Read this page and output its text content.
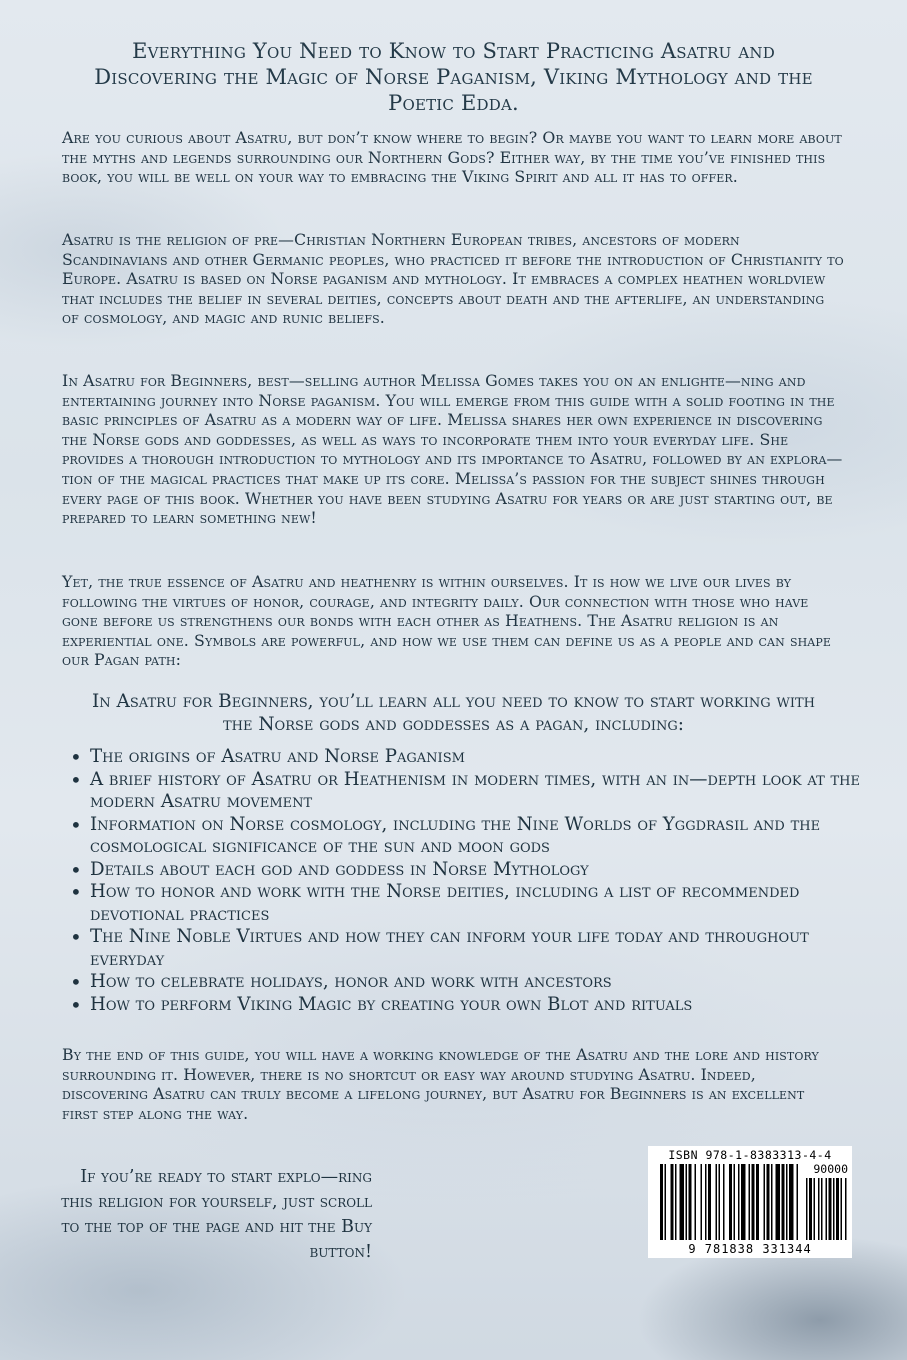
Everything You Need to Know to Start Practicing Asatru and Discovering the Magic of Norse Paganism, Viking Mythology and the Poetic Edda.

Are you curious about Asatru, but don’t know where to begin? Or maybe you want to learn more about the myths and legends surrounding our Northern Gods? Either way, by the time you’ve finished this book, you will be well on your way to embracing the Viking Spirit and all it has to offer.

Asatru is the religion of pre—Christian Northern European tribes, ancestors of modern Scandinavians and other Germanic peoples, who practiced it before the introduction of Christianity to Europe. Asatru is based on Norse paganism and mythology. It embraces a complex heathen worldview that includes the belief in several deities, concepts about death and the afterlife, an understanding of cosmology, and magic and runic beliefs.

In Asatru for Beginners, best—selling author Melissa Gomes takes you on an enlighte—ning and entertaining journey into Norse paganism. You will emerge from this guide with a solid footing in the basic principles of Asatru as a modern way of life. Melissa shares her own experience in discovering the Norse gods and goddesses, as well as ways to incorporate them into your everyday life. She provides a thorough introduction to mythology and its importance to Asatru, followed by an explora—tion of the magical practices that make up its core. Melissa’s passion for the subject shines through every page of this book. Whether you have been studying Asatru for years or are just starting out, be prepared to learn something new!

Yet, the true essence of Asatru and heathenry is within ourselves. It is how we live our lives by following the virtues of honor, courage, and integrity daily. Our connection with those who have gone before us strengthens our bonds with each other as Heathens. The Asatru religion is an experiential one. Symbols are powerful, and how we use them can define us as a people and can shape our Pagan path:

In Asatru for Beginners, you’ll learn all you need to know to start working with the Norse gods and goddesses as a pagan, including:

• The origins of Asatru and Norse Paganism
• A brief history of Asatru or Heathenism in modern times, with an in—depth look at the modern Asatru movement
• Information on Norse cosmology, including the Nine Worlds of Yggdrasil and the cosmological significance of the sun and moon gods
• Details about each god and goddess in Norse Mythology
• How to honor and work with the Norse deities, including a list of recommended devotional practices
• The Nine Noble Virtues and how they can inform your life today and throughout everyday
• How to celebrate holidays, honor and work with ancestors
• How to perform Viking Magic by creating your own Blot and rituals

By the end of this guide, you will have a working knowledge of the Asatru and the lore and history surrounding it. However, there is no shortcut or easy way around studying Asatru. Indeed, discovering Asatru can truly become a lifelong journey, but Asatru for Beginners is an excellent first step along the way.

If you’re ready to start explo—ring this religion for yourself, just scroll to the top of the page and hit the Buy button!

ISBN 978-1-8383313-4-4
90000
9 781838 331344
